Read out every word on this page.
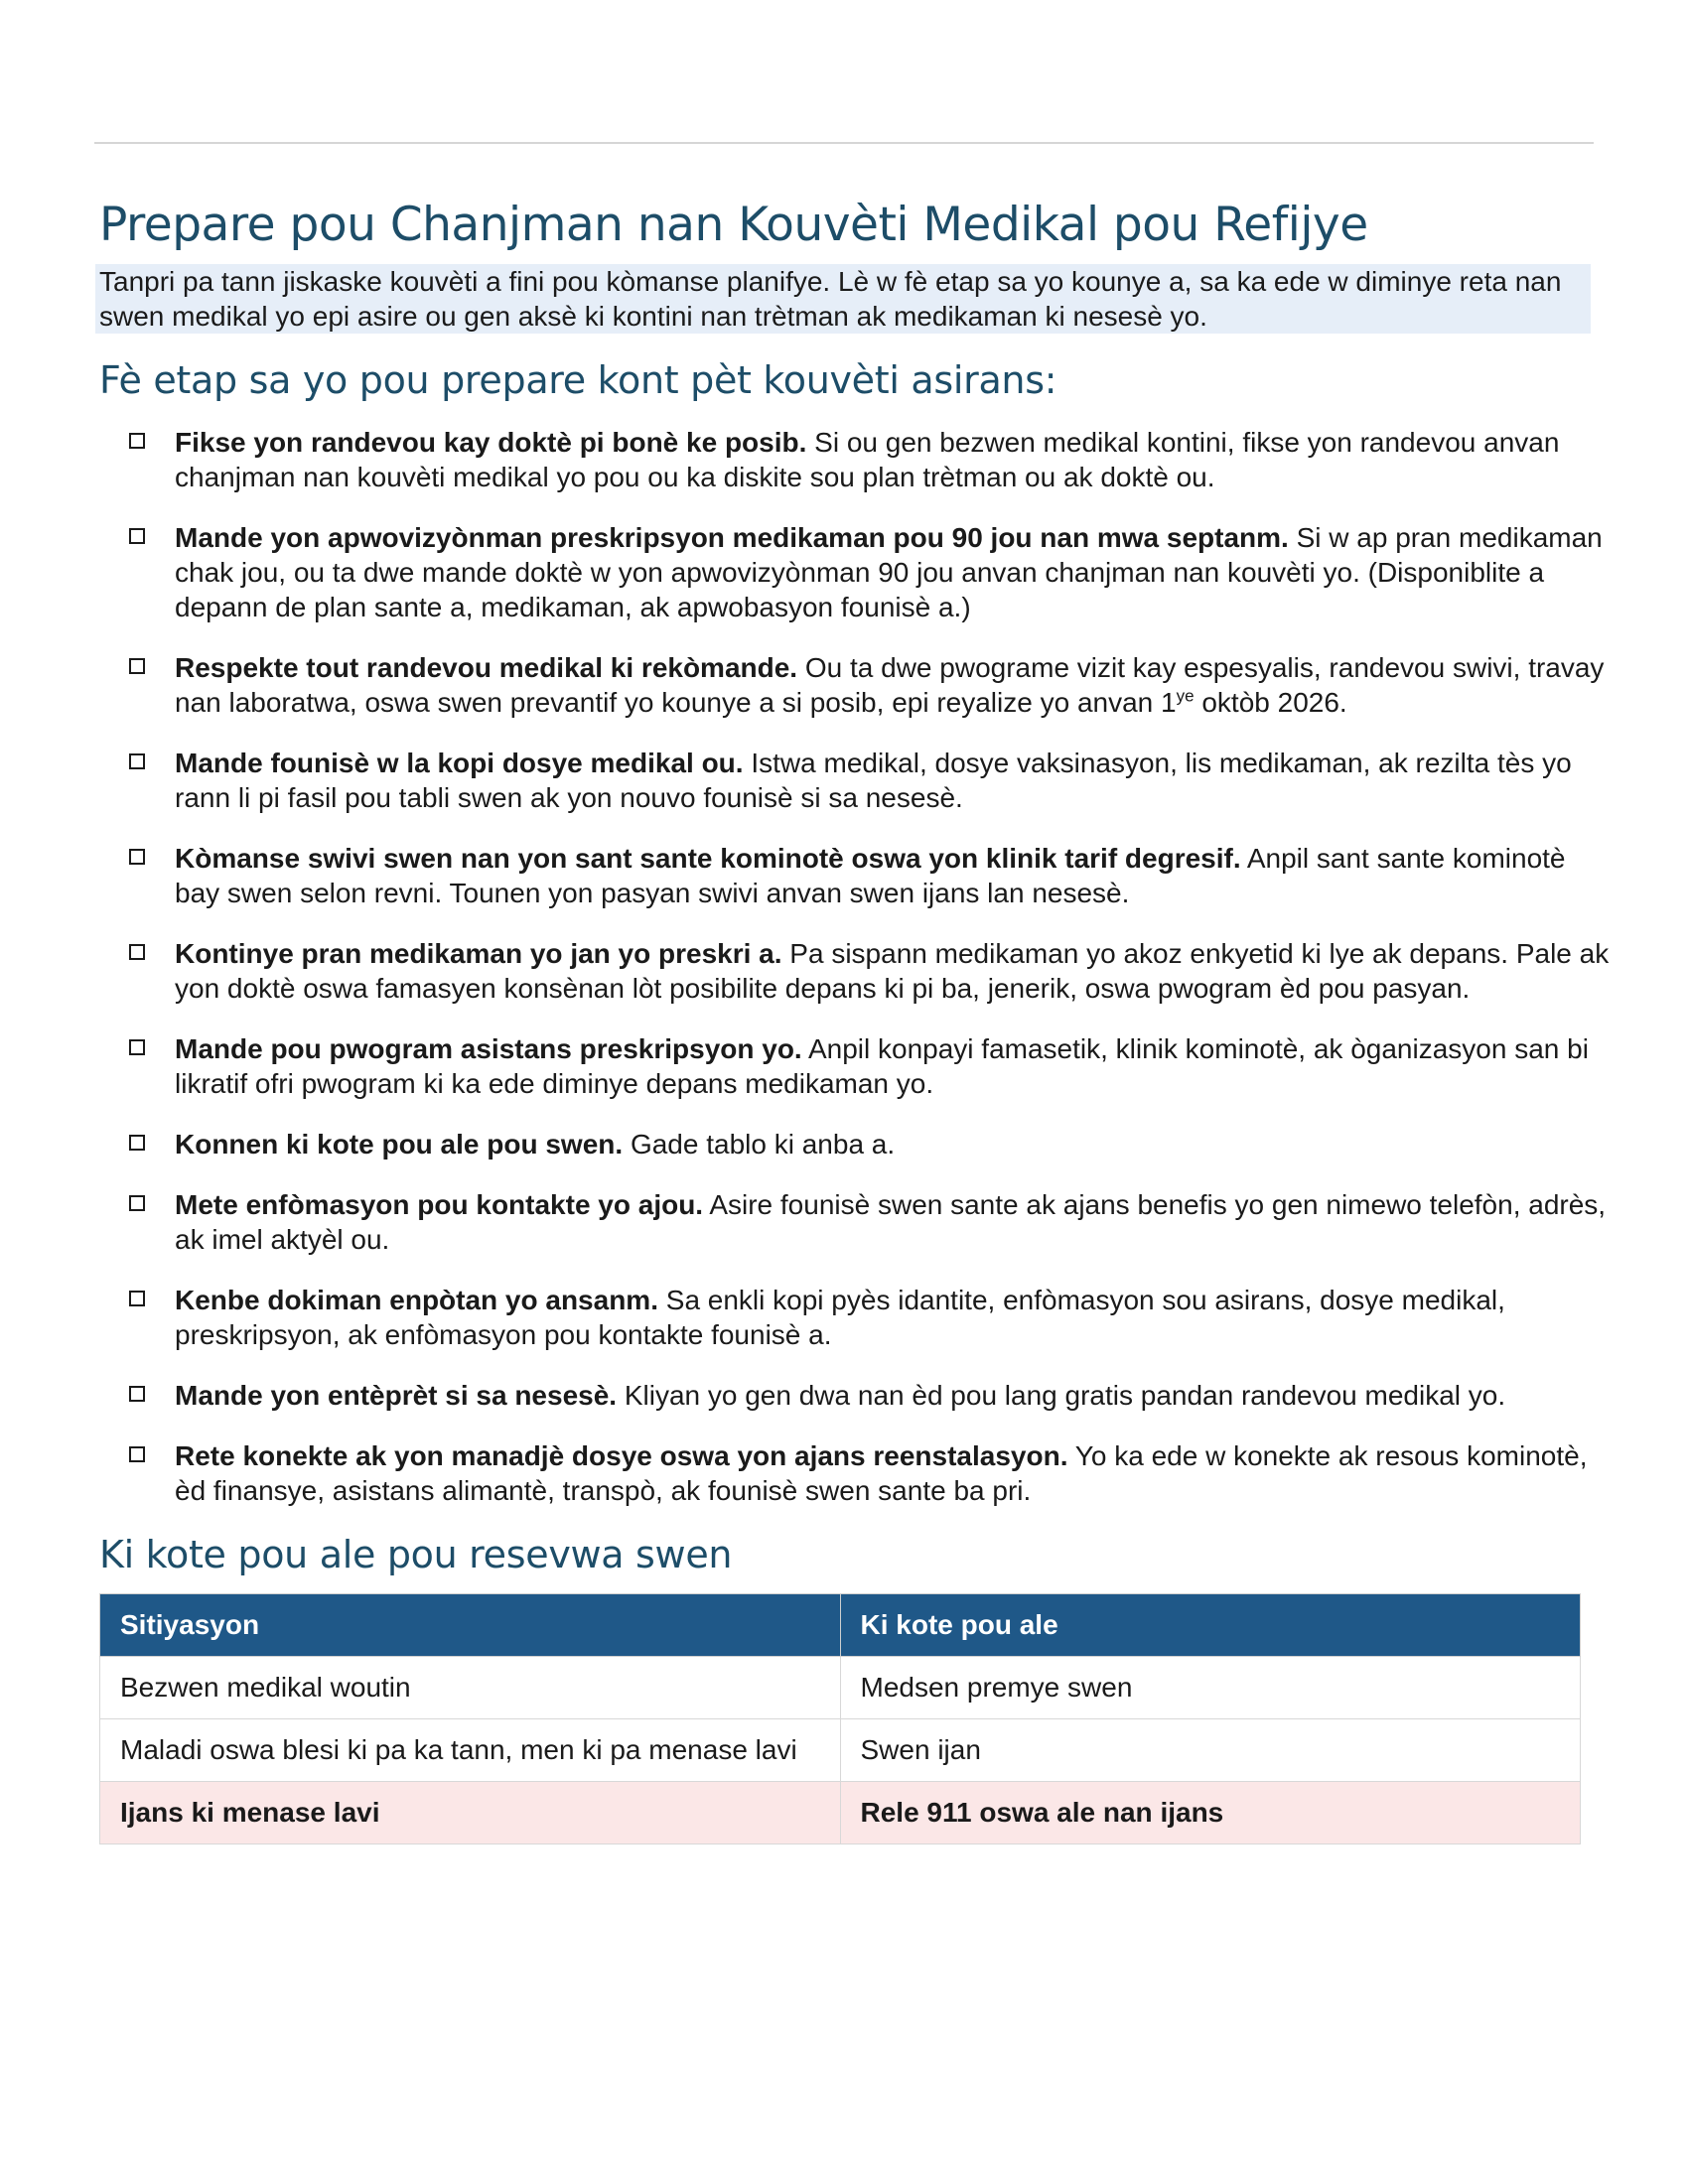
Prepare pou Chanjman nan Kouvèti Medikal pou Refijye
Tanpri pa tann jiskaske kouvèti a fini pou kòmanse planifye. Lè w fè etap sa yo kounye a, sa ka ede w diminye reta nan swen medikal yo epi asire ou gen aksè ki kontini nan trètman ak medikaman ki nesesè yo.
Fè etap sa yo pou prepare kont pèt kouvèti asirans:
Fikse yon randevou kay doktè pi bonè ke posib. Si ou gen bezwen medikal kontini, fikse yon randevou anvan chanjman nan kouvèti medikal yo pou ou ka diskite sou plan trètman ou ak doktè ou.
Mande yon apwovizyònman preskripsyon medikaman pou 90 jou nan mwa septanm. Si w ap pran medikaman chak jou, ou ta dwe mande doktè w yon apwovizyònman 90 jou anvan chanjman nan kouvèti yo. (Disponiblite a depann de plan sante a, medikaman, ak apwobasyon founisè a.)
Respekte tout randevou medikal ki rekòmande. Ou ta dwe pwograme vizit kay espesyalis, randevou swivi, travay nan laboratwa, oswa swen prevantif yo kounye a si posib, epi reyalize yo anvan $1^{ye}$ oktòb 2026.
Mande founisè w la kopi dosye medikal ou. Istwa medikal, dosye vaksinasyon, lis medikaman, ak rezilta tès yo rann li pi fasil pou tabli swen ak yon nouvo founisè si sa nesesè.
Kòmanse swivi swen nan yon sant sante kominotè oswa yon klinik tarif degresif. Anpil sant sante kominotè bay swen selon revni. Tounen yon pasyan swivi anvan swen ijans lan nesesè.
Kontinye pran medikaman yo jan yo preskri a. Pa sispann medikaman yo akoz enkyetid ki lye ak depans. Pale ak yon doktè oswa famasyen konsènan lòt posibilite depans ki pi ba, jenerik, oswa pwogram èd pou pasyan.
Mande pou pwogram asistans preskripsyon yo. Anpil konpayi famasetik, klinik kominotè, ak òganizasyon san bi likratif ofri pwogram ki ka ede diminye depans medikaman yo.
Konnen ki kote pou ale pou swen. Gade tablo ki anba a.
Mete enfòmasyon pou kontakte yo ajou. Asire founisè swen sante ak ajans benefis yo gen nimewo telefòn, adrès, ak imel aktyèl ou.
Kenbe dokiman enpòtan yo ansanm. Sa enkli kopi pyès idantite, enfòmasyon sou asirans, dosye medikal, preskripsyon, ak enfòmasyon pou kontakte founisè a.
Mande yon entèprèt si sa nesesè. Kliyan yo gen dwa nan èd pou lang gratis pandan randevou medikal yo.
Rete konekte ak yon manadjè dosye oswa yon ajans reenstalasyon. Yo ka ede w konekte ak resous kominotè, èd finansye, asistans alimantè, transpò, ak founisè swen sante ba pri.
Ki kote pou ale pou resevwa swen
Sitiyasyon	Ki kote pou ale
Bezwen medikal woutin	Medsen premye swen
Maladi oswa blesi ki pa ka tann, men ki pa menase lavi	Swen ijan
Ijans ki menase lavi	Rele 911 oswa ale nan ijans
